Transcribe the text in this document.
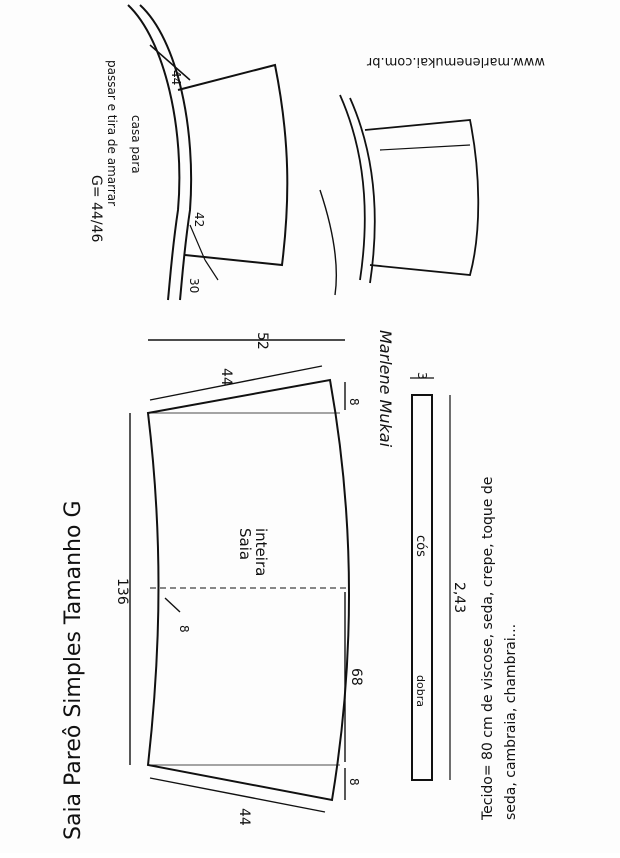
44
42
30
passar e tira de amarrar casa para
G= 44/46
www.marlenemukai.com.br
Marlene Mukai
Saia Pareô Simples Tamanho G
52
44
136
68
44
8
8
8
Saia
inteira
3
cós
2,43
dobra	Tecido= 80 cm de viscose, seda, crepe, toque de seda, cambraia, chambrai...
